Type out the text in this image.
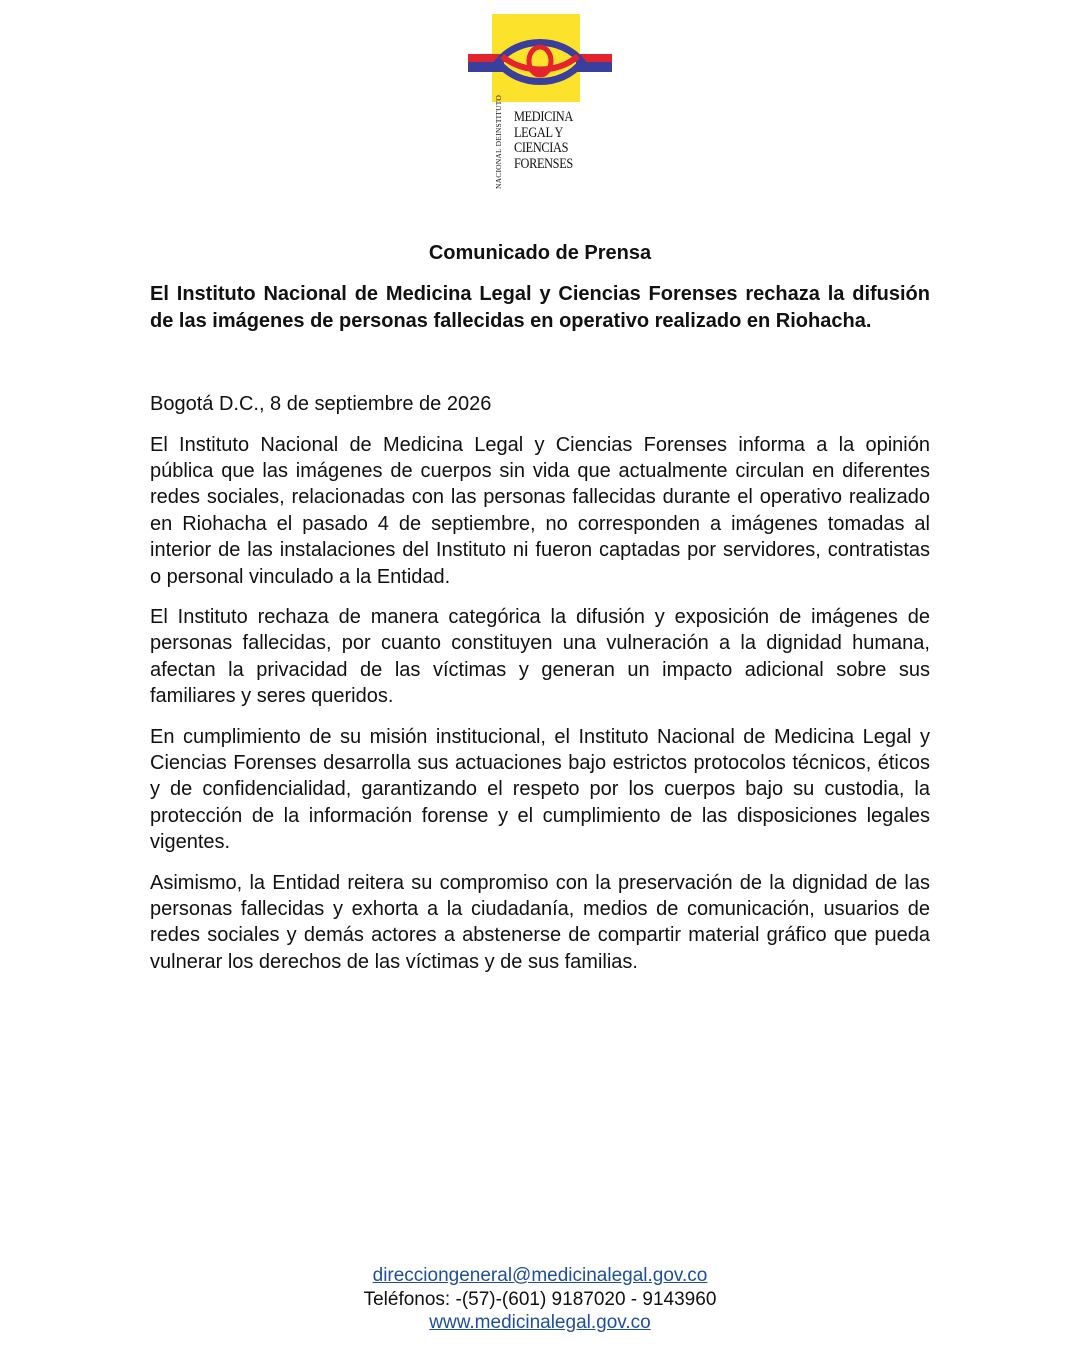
INSTITUTO
NACIONAL DE
MEDICINA
LEGAL Y
CIENCIAS
FORENSES

Comunicado de Prensa

El Instituto Nacional de Medicina Legal y Ciencias Forenses rechaza la difusión de las imágenes de personas fallecidas en operativo realizado en Riohacha.

Bogotá D.C., 8 de septiembre de 2026

El Instituto Nacional de Medicina Legal y Ciencias Forenses informa a la opinión pública que las imágenes de cuerpos sin vida que actualmente circulan en diferentes redes sociales, relacionadas con las personas fallecidas durante el operativo realizado en Riohacha el pasado 4 de septiembre, no corresponden a imágenes tomadas al interior de las instalaciones del Instituto ni fueron captadas por servidores, contratistas o personal vinculado a la Entidad.

El Instituto rechaza de manera categórica la difusión y exposición de imágenes de personas fallecidas, por cuanto constituyen una vulneración a la dignidad humana, afectan la privacidad de las víctimas y generan un impacto adicional sobre sus familiares y seres queridos.

En cumplimiento de su misión institucional, el Instituto Nacional de Medicina Legal y Ciencias Forenses desarrolla sus actuaciones bajo estrictos protocolos técnicos, éticos y de confidencialidad, garantizando el respeto por los cuerpos bajo su custodia, la protección de la información forense y el cumplimiento de las disposiciones legales vigentes.

Asimismo, la Entidad reitera su compromiso con la preservación de la dignidad de las personas fallecidas y exhorta a la ciudadanía, medios de comunicación, usuarios de redes sociales y demás actores a abstenerse de compartir material gráfico que pueda vulnerar los derechos de las víctimas y de sus familias.

direcciongeneral@medicinalegal.gov.co
Teléfonos: -(57)-(601) 9187020 - 9143960
www.medicinalegal.gov.co
